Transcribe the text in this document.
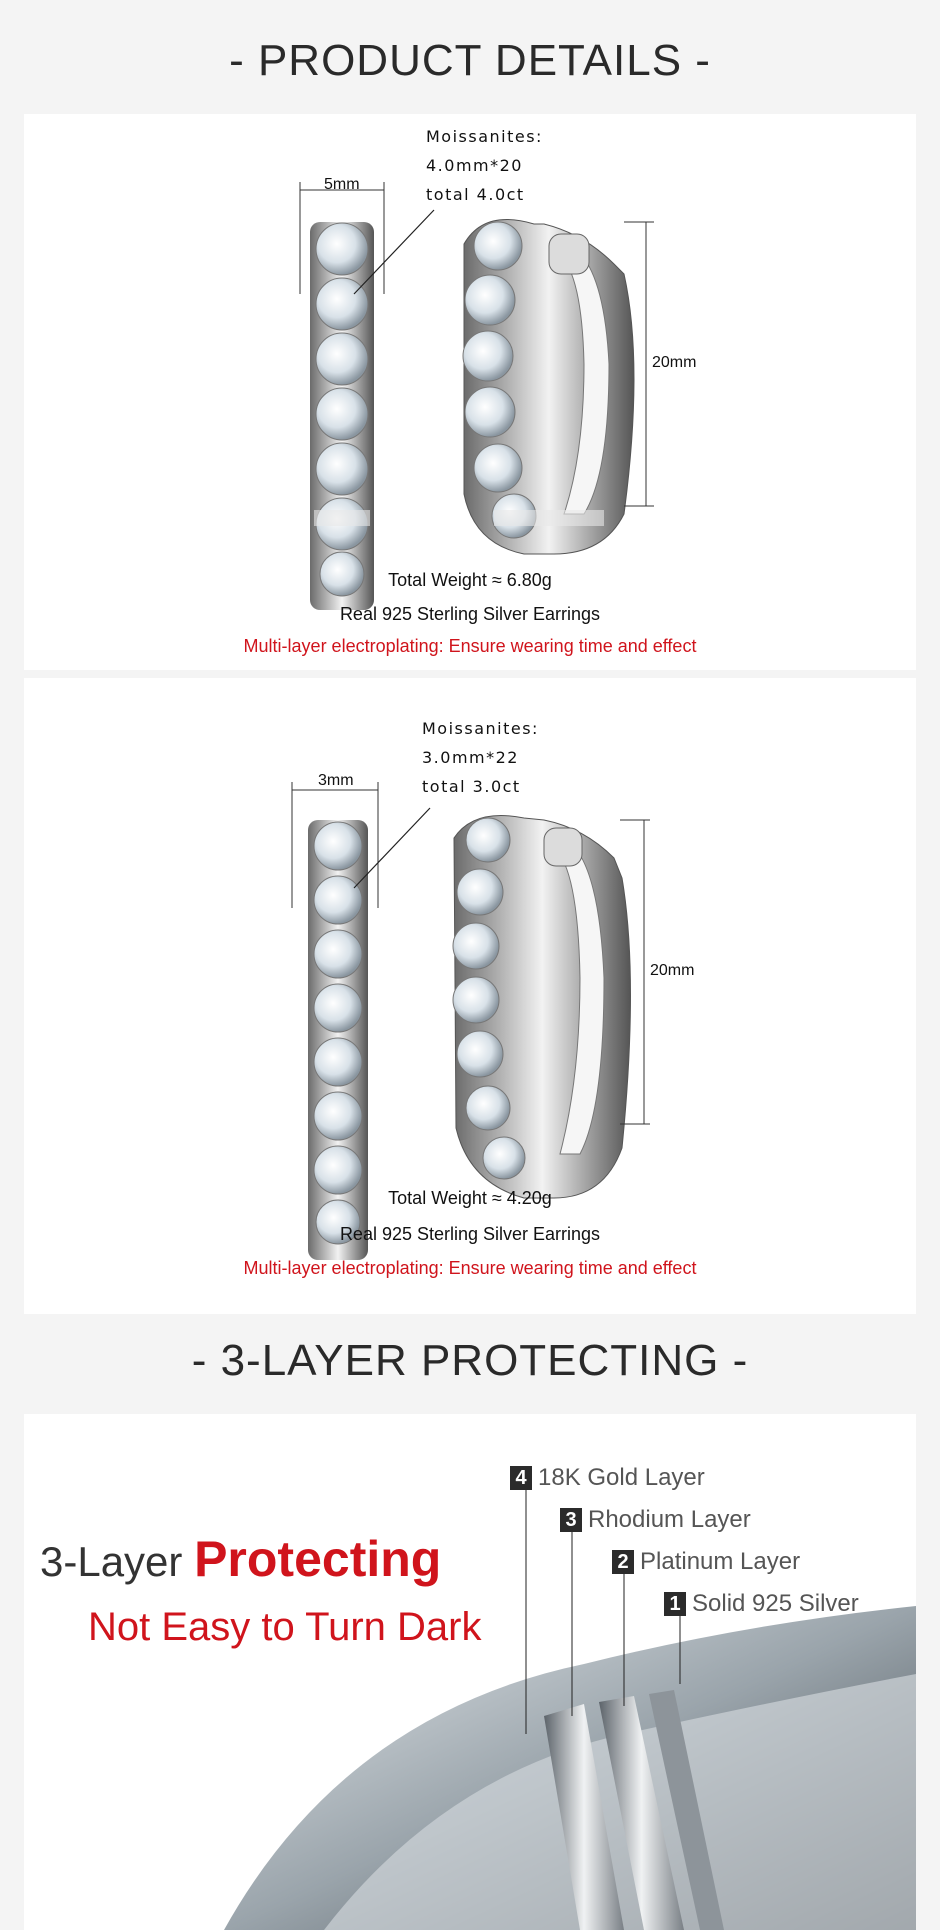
- PRODUCT DETAILS -
Moissanites:
4.0mm*20
total 4.0ct
5mm
20mm
Total Weight ≈ 6.80g
Real 925 Sterling Silver Earrings
Multi-layer electroplating: Ensure wearing time and effect
Moissanites:
3.0mm*22
total 3.0ct
3mm
20mm
Total Weight ≈ 4.20g
Real 925 Sterling Silver Earrings
Multi-layer electroplating: Ensure wearing time and effect
- 3-LAYER PROTECTING -
4 18K Gold Layer
3 Rhodium Layer
2 Platinum Layer
1 Solid 925 Silver
3-Layer Protecting
Not Easy to Turn Dark
